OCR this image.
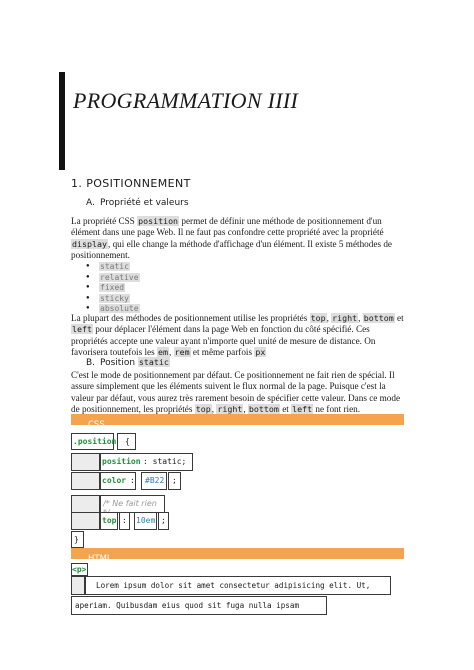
PROGRAMMATION IIII
1. POSITIONNEMENT
A. Propriété et valeurs
La propriété CSS position permet de définir une méthode de positionnement d'un élément dans une page Web. Il ne faut pas confondre cette propriété avec la propriété display, qui elle change la méthode d'affichage d'un élément. Il existe 5 méthodes de positionnement.
● static
● relative
● fixed
● sticky
● absolute
La plupart des méthodes de positionnement utilise les propriétés top, right, bottom et left pour déplacer l'élément dans la page Web en fonction du côté spécifié. Ces propriétés accepte une valeur ayant n'importe quel unité de mesure de distance. On favorisera toutefois les em, rem et même parfois px
B. Position static
C'est le mode de positionnement par défaut. Ce positionnement ne fait rien de spécial. Il assure simplement que les éléments suivent le flux normal de la page. Puisque c'est la valeur par défaut, vous aurez très rarement besoin de spécifier cette valeur. Dans ce mode de positionnement, les propriétés top, right, bottom et left ne font rien.
CSS
.position {
position : static;
color : #B22 ;
/* Ne fait rien
top : 10em ;
}
HTML
<p>
Lorem ipsum dolor sit amet consectetur adipisicing elit. Ut,
aperiam. Quibusdam eius quod sit fuga nulla ipsam
